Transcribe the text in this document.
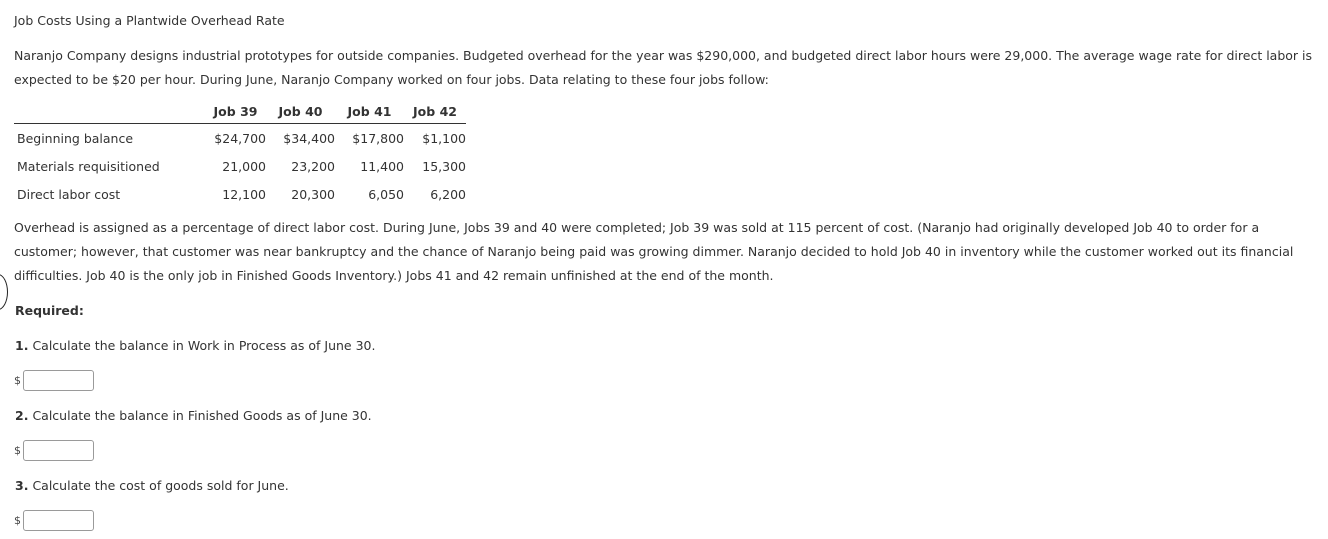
Job Costs Using a Plantwide Overhead Rate
Naranjo Company designs industrial prototypes for outside companies. Budgeted overhead for the year was $290,000, and budgeted direct labor hours were 29,000. The average wage rate for direct labor is expected to be $20 per hour. During June, Naranjo Company worked on four jobs. Data relating to these four jobs follow:
	Job 39	Job 40	Job 41	Job 42
Beginning balance	$24,700	$34,400	$17,800	$1,100
Materials requisitioned	21,000	23,200	11,400	15,300
Direct labor cost	12,100	20,300	6,050	6,200
Overhead is assigned as a percentage of direct labor cost. During June, Jobs 39 and 40 were completed; Job 39 was sold at 115 percent of cost. (Naranjo had originally developed Job 40 to order for a customer; however, that customer was near bankruptcy and the chance of Naranjo being paid was growing dimmer. Naranjo decided to hold Job 40 in inventory while the customer worked out its financial difficulties. Job 40 is the only job in Finished Goods Inventory.) Jobs 41 and 42 remain unfinished at the end of the month.
Required:
1. Calculate the balance in Work in Process as of June 30.
$
2. Calculate the balance in Finished Goods as of June 30.
$
3. Calculate the cost of goods sold for June.
$
